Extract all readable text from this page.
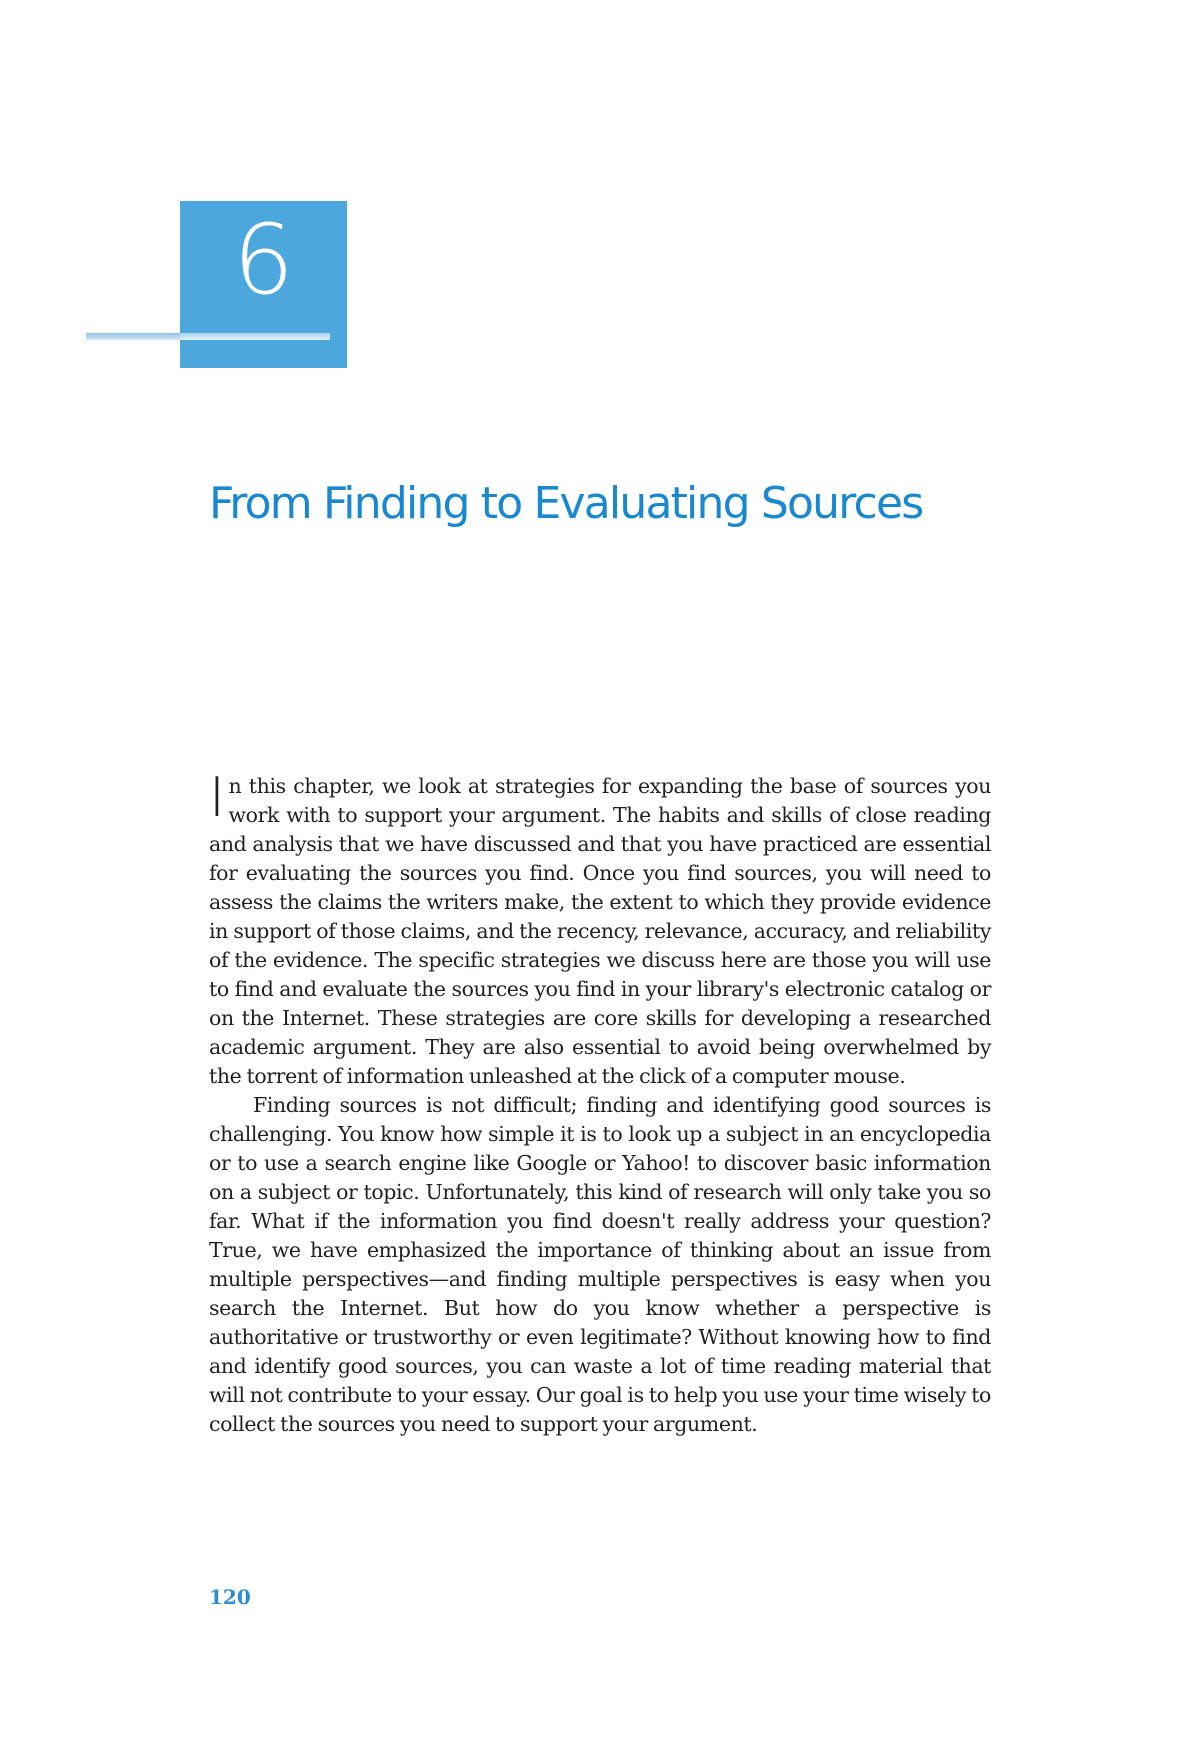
6
From Finding to Evaluating Sources

In this chapter, we look at strategies for expanding the base of sources you work with to support your argument. The habits and skills of close reading and analysis that we have discussed and that you have practiced are essential for evaluating the sources you find. Once you find sources, you will need to assess the claims the writers make, the extent to which they provide evidence in support of those claims, and the recency, relevance, accuracy, and reliability of the evidence. The specific strategies we discuss here are those you will use to find and evaluate the sources you find in your library's electronic catalog or on the Internet. These strategies are core skills for developing a researched academic argument. They are also essential to avoid being overwhelmed by the torrent of information unleashed at the click of a computer mouse.

Finding sources is not difficult; finding and identifying good sources is challenging. You know how simple it is to look up a subject in an encyclopedia or to use a search engine like Google or Yahoo! to discover basic information on a subject or topic. Unfortunately, this kind of research will only take you so far. What if the information you find doesn't really address your question? True, we have emphasized the importance of thinking about an issue from multiple perspectives—and finding multiple perspectives is easy when you search the Internet. But how do you know whether a perspective is authoritative or trustworthy or even legitimate? Without knowing how to find and identify good sources, you can waste a lot of time reading material that will not contribute to your essay. Our goal is to help you use your time wisely to collect the sources you need to support your argument.

120
